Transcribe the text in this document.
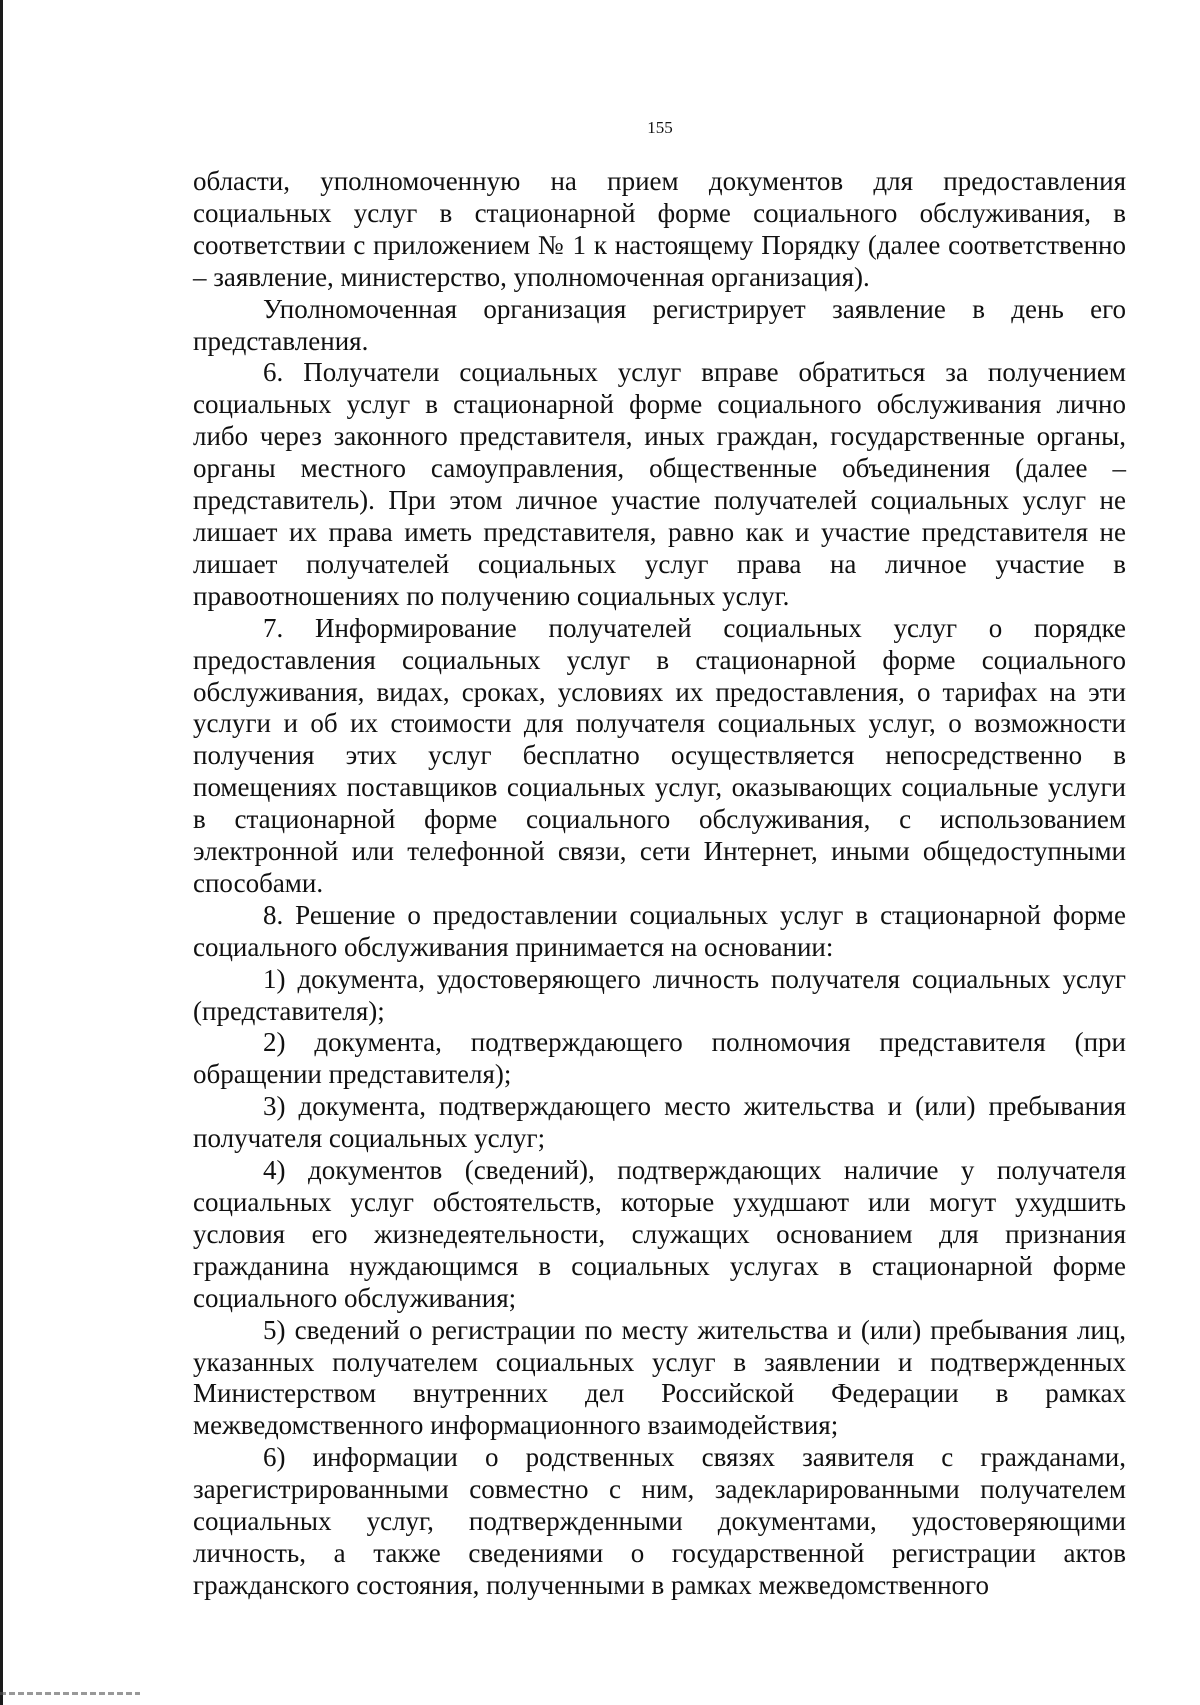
155

области, уполномоченную на прием документов для предоставления социальных услуг в стационарной форме социального обслуживания, в соответствии с приложением № 1 к настоящему Порядку (далее соответственно – заявление, министерство, уполномоченная организация).

Уполномоченная организация регистрирует заявление в день его представления.

6. Получатели социальных услуг вправе обратиться за получением социальных услуг в стационарной форме социального обслуживания лично либо через законного представителя, иных граждан, государственные органы, органы местного самоуправления, общественные объединения (далее – представитель). При этом личное участие получателей социальных услуг не лишает их права иметь представителя, равно как и участие представителя не лишает получателей социальных услуг права на личное участие в правоотношениях по получению социальных услуг.

7. Информирование получателей социальных услуг о порядке предоставления социальных услуг в стационарной форме социального обслуживания, видах, сроках, условиях их предоставления, о тарифах на эти услуги и об их стоимости для получателя социальных услуг, о возможности получения этих услуг бесплатно осуществляется непосредственно в помещениях поставщиков социальных услуг, оказывающих социальные услуги в стационарной форме социального обслуживания, с использованием электронной или телефонной связи, сети Интернет, иными общедоступными способами.

8. Решение о предоставлении социальных услуг в стационарной форме социального обслуживания принимается на основании:

1) документа, удостоверяющего личность получателя социальных услуг (представителя);

2) документа, подтверждающего полномочия представителя (при обращении представителя);

3) документа, подтверждающего место жительства и (или) пребывания получателя социальных услуг;

4) документов (сведений), подтверждающих наличие у получателя социальных услуг обстоятельств, которые ухудшают или могут ухудшить условия его жизнедеятельности, служащих основанием для признания гражданина нуждающимся в социальных услугах в стационарной форме социального обслуживания;

5) сведений о регистрации по месту жительства и (или) пребывания лиц, указанных получателем социальных услуг в заявлении и подтвержденных Министерством внутренних дел Российской Федерации в рамках межведомственного информационного взаимодействия;

6) информации о родственных связях заявителя с гражданами, зарегистрированными совместно с ним, задекларированными получателем социальных услуг, подтвержденными документами, удостоверяющими личность, а также сведениями о государственной регистрации актов гражданского состояния, полученными в рамках межведомственного
